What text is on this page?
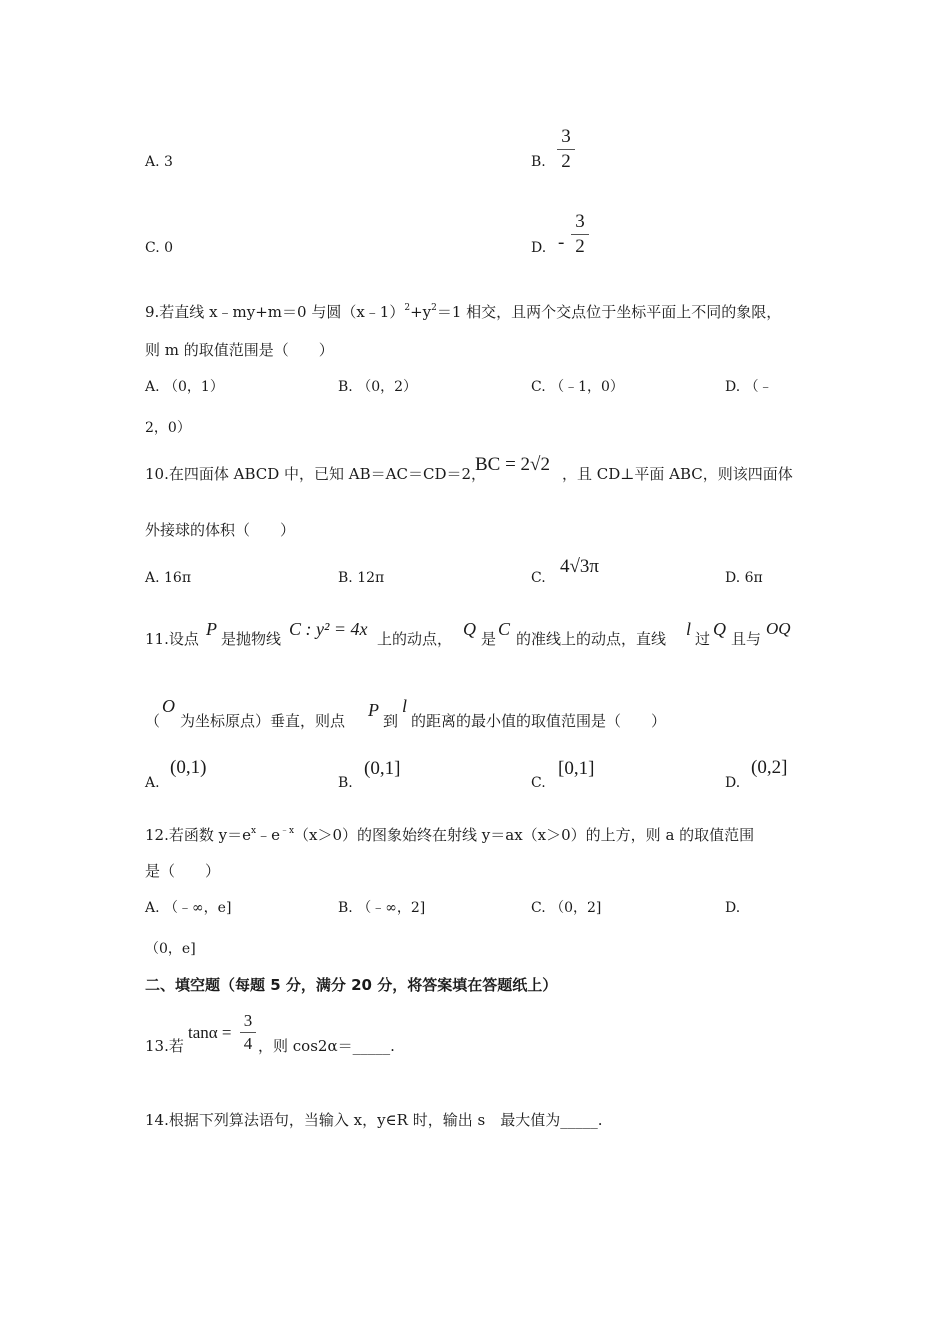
A. 3	B.
3
2
C. 0	D. -
3
2
9.若直线 x﹣my+m＝0 与圆$(x﹣1)^2+y^2=1$ 相交，且两个交点位于坐标平面上不同的象限，
则 m 的取值范围是（　　）
A. （0，1）	B. （0，2）	C. （﹣1，0）	D. （﹣
2，0）
10.在四面体 ABCD 中，已知 AB＝AC＝CD＝2，
BC = 2√2 ，且 CD⊥平面 ABC，则该四面体
外接球的体积（　　）
A. 16π	B. 12π	C.
4√3π
D. 6π
11.设点 P 是抛物线 C : y² = 4x 上的动点， Q 是 C 的准线上的动点，直线 l 过 Q 且与
OQ
（
O
为坐标原点）垂直，则点
P
到
l
的距离的最小值的取值范围是（　　）
A.
(0,1)
B.
(0,1]
C.
[0,1]
D.
(0,2]
12.若函数 $y=e^x﹣e^{﹣x}(x>0)$的图象始终在射线 y＝ax（x＞0）的上方，则 a 的取值范围
是（　　）
A. （﹣∞，e]	B. （﹣∞，2]	C. （0，2]	D.
（0，e]
二、填空题（每题 5 分，满分 20 分，将答案填在答题纸上）
13.若
tanα =
3
4 ，则 cos2α＝_____.
14.根据下列算法语句，当输入 x，y∈R 时，输出 s　最大值为_____.
